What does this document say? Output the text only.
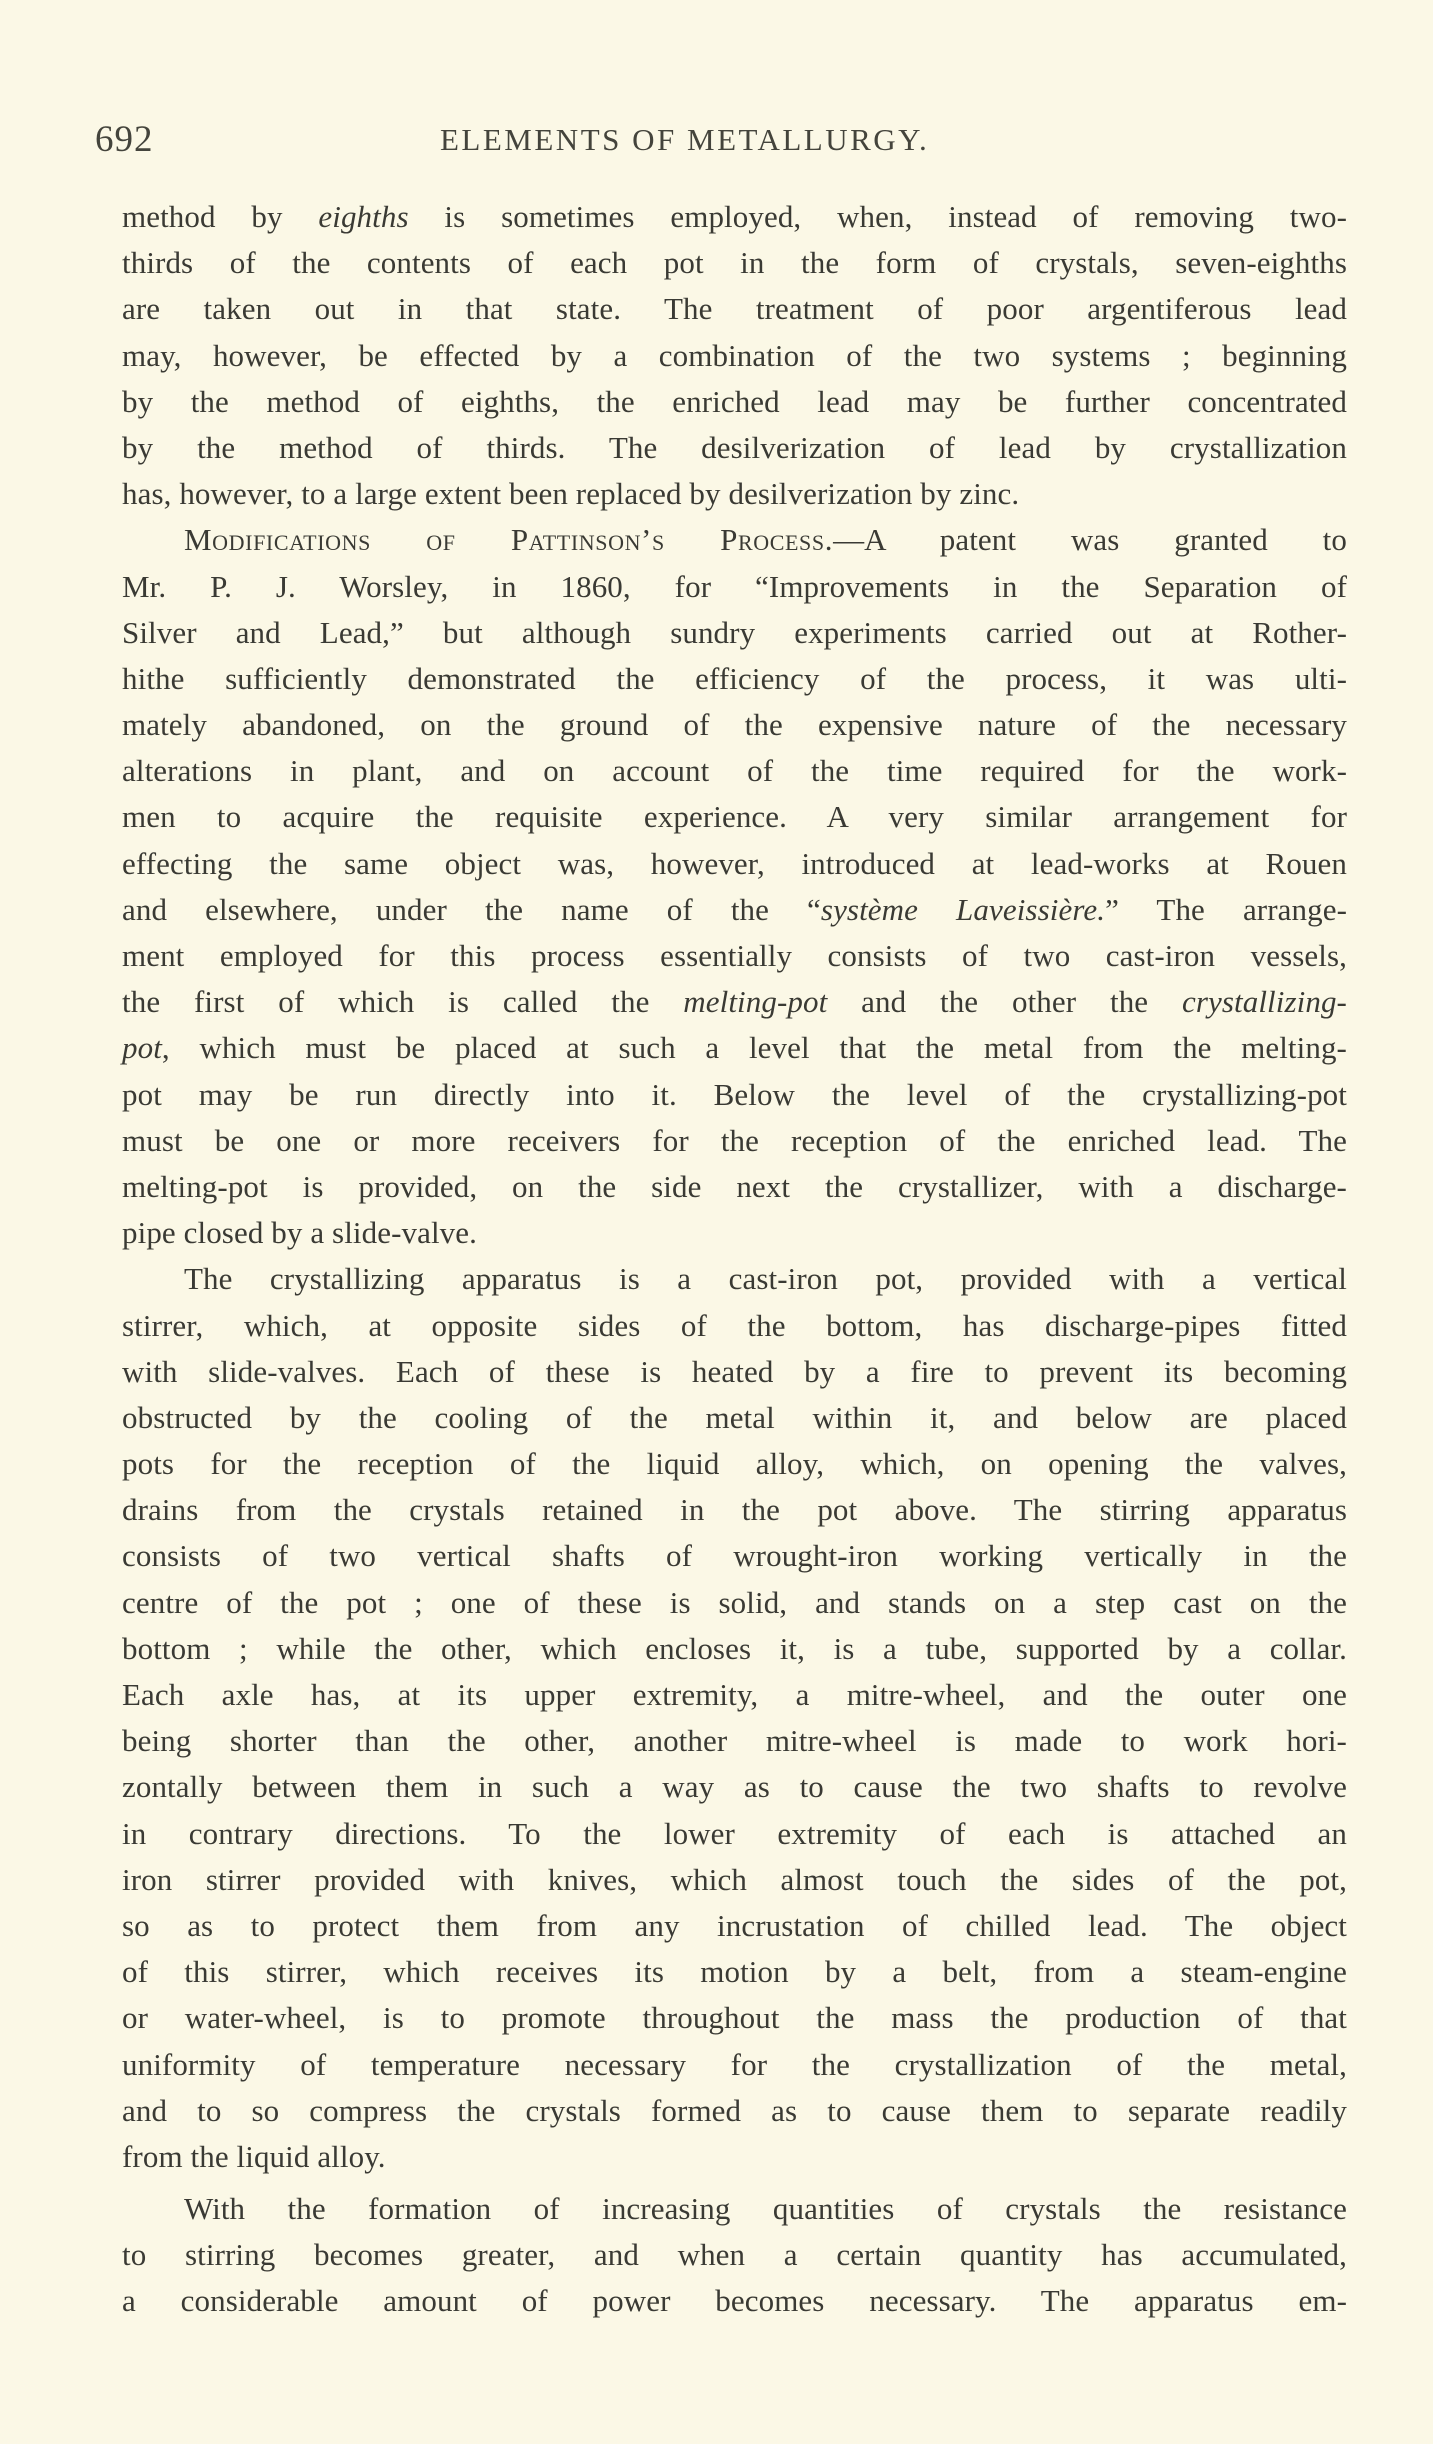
692	ELEMENTS OF METALLURGY.
method by eighths is sometimes employed, when, instead of removing two-
thirds of the contents of each pot in the form of crystals, seven-eighths
are taken out in that state. The treatment of poor argentiferous lead
may, however, be effected by a combination of the two systems ; beginning
by the method of eighths, the enriched lead may be further concentrated
by the method of thirds. The desilverization of lead by crystallization
has, however, to a large extent been replaced by desilverization by zinc.
Modifications of Pattinson’s Process.—A patent was granted to
Mr. P. J. Worsley, in 1860, for “Improvements in the Separation of
Silver and Lead,” but although sundry experiments carried out at Rother-
hithe sufficiently demonstrated the efficiency of the process, it was ulti-
mately abandoned, on the ground of the expensive nature of the necessary
alterations in plant, and on account of the time required for the work-
men to acquire the requisite experience. A very similar arrangement for
effecting the same object was, however, introduced at lead-works at Rouen
and elsewhere, under the name of the “système Laveissière.” The arrange-
ment employed for this process essentially consists of two cast-iron vessels,
the first of which is called the melting-pot and the other the crystallizing-
pot, which must be placed at such a level that the metal from the melting-
pot may be run directly into it. Below the level of the crystallizing-pot
must be one or more receivers for the reception of the enriched lead. The
melting-pot is provided, on the side next the crystallizer, with a discharge-
pipe closed by a slide-valve.
The crystallizing apparatus is a cast-iron pot, provided with a vertical
stirrer, which, at opposite sides of the bottom, has discharge-pipes fitted
with slide-valves. Each of these is heated by a fire to prevent its becoming
obstructed by the cooling of the metal within it, and below are placed
pots for the reception of the liquid alloy, which, on opening the valves,
drains from the crystals retained in the pot above. The stirring apparatus
consists of two vertical shafts of wrought-iron working vertically in the
centre of the pot ; one of these is solid, and stands on a step cast on the
bottom ; while the other, which encloses it, is a tube, supported by a collar.
Each axle has, at its upper extremity, a mitre-wheel, and the outer one
being shorter than the other, another mitre-wheel is made to work hori-
zontally between them in such a way as to cause the two shafts to revolve
in contrary directions. To the lower extremity of each is attached an
iron stirrer provided with knives, which almost touch the sides of the pot,
so as to protect them from any incrustation of chilled lead. The object
of this stirrer, which receives its motion by a belt, from a steam-engine
or water-wheel, is to promote throughout the mass the production of that
uniformity of temperature necessary for the crystallization of the metal,
and to so compress the crystals formed as to cause them to separate readily
from the liquid alloy.
With the formation of increasing quantities of crystals the resistance
to stirring becomes greater, and when a certain quantity has accumulated,
a considerable amount of power becomes necessary. The apparatus em-
